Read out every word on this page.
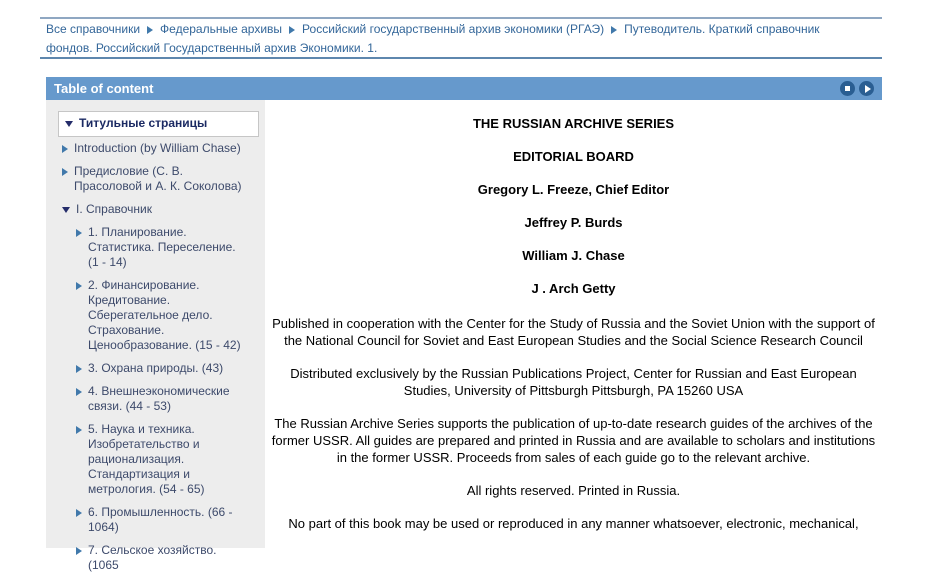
Все справочники Федеральные архивы Российский государственный архив экономики (РГАЭ) Путеводитель. Краткий справочник фондов. Российский Государственный архив Экономики. 1.
Table of content
Титульные страницы
Introduction (by William Chase)
Предисловие (С. В. Прасоловой и А. К. Соколова)
I. Справочник
1. Планирование. Статистика. Переселение. (1 - 14)
2. Финансирование. Кредитование. Сберегательное дело. Страхование. Ценообразование. (15 - 42)
3. Охрана природы. (43)
4. Внешнеэкономические связи. (44 - 53)
5. Наука и техника. Изобретательство и рационализация. Стандартизация и метрология. (54 - 65)
6. Промышленность. (66 - 1064)
7. Сельское хозяйство. (1065

THE RUSSIAN ARCHIVE SERIES

EDITORIAL BOARD

Gregory L. Freeze, Chief Editor

Jeffrey P. Burds

William J. Chase

J . Arch Getty

Published in cooperation with the Center for the Study of Russia and the Soviet Union with the support of the National Council for Soviet and East European Studies and the Social Science Research Council

Distributed exclusively by the Russian Publications Project, Center for Russian and East European Studies, University of Pittsburgh Pittsburgh, PA 15260 USA

The Russian Archive Series supports the publication of up-to-date research guides of the archives of the former USSR. All guides are prepared and printed in Russia and are available to scholars and institutions in the former USSR. Proceeds from sales of each guide go to the relevant archive.

All rights reserved. Printed in Russia.

No part of this book may be used or reproduced in any manner whatsoever, electronic, mechanical,
